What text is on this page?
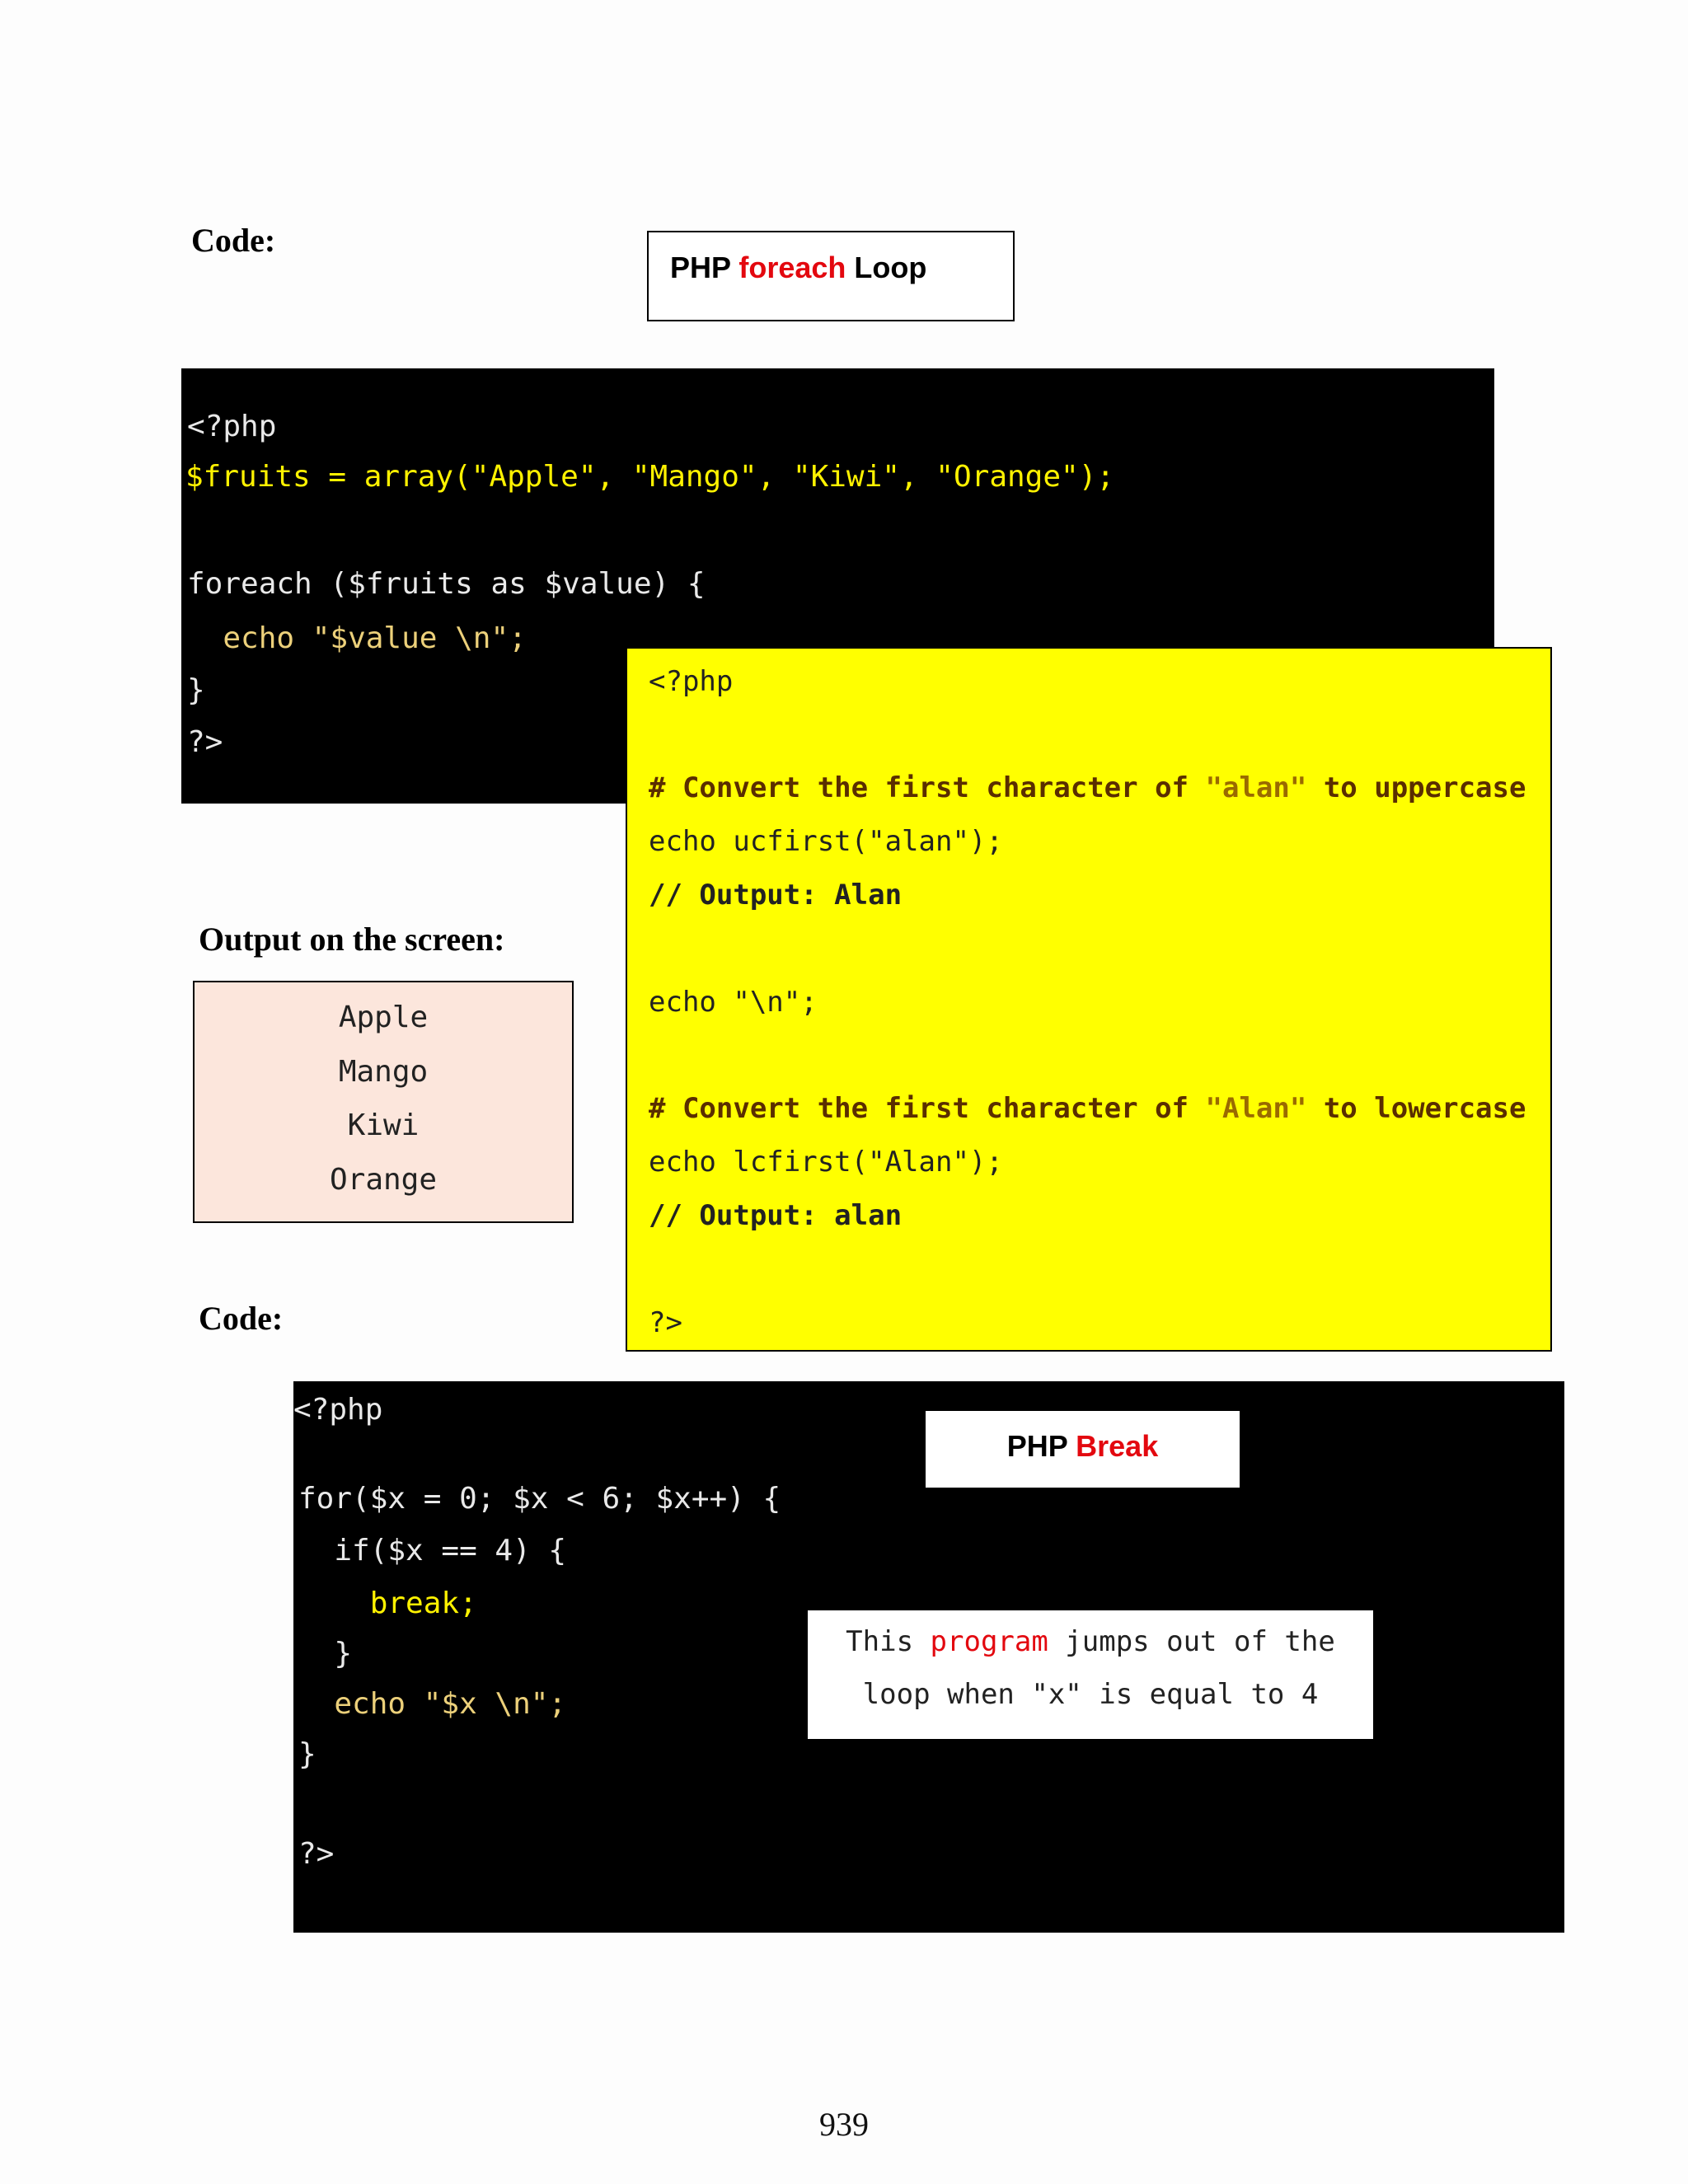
Code:
PHP foreach Loop
<?php
$fruits = array("Apple", "Mango", "Kiwi", "Orange");
foreach ($fruits as $value) {
echo "$value \n";
}
?>
Output on the screen:
Apple
Mango
Kiwi
Orange
Code:
<?php
# Convert the first character of "alan" to uppercase
echo ucfirst("alan");
// Output: Alan
echo "\n";
# Convert the first character of "Alan" to lowercase
echo lcfirst("Alan");
// Output: alan
?>
<?php
for($x = 0; $x < 6; $x++) {
if($x == 4) {
break;
}
echo "$x \n";
}
?>
PHP Break
This program jumps out of the
loop when "x" is equal to 4
939
